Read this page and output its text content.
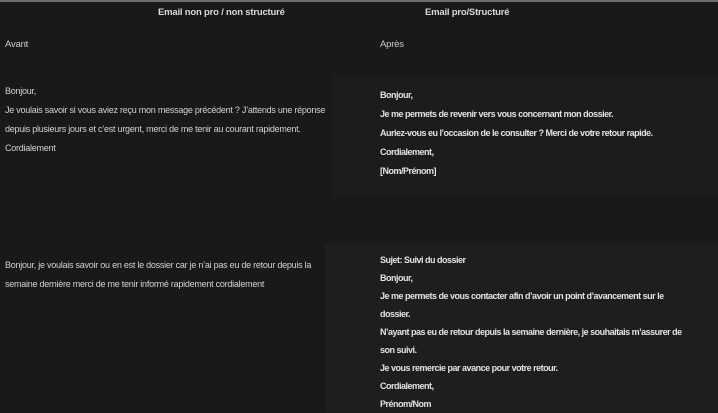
Email non pro / non structuré	Email pro/Structuré
Avant	Après
Bonjour,
Je voulais savoir si vous aviez reçu mon message précédent ? J’attends une réponse
depuis plusieurs jours et c’est urgent, merci de me tenir au courant rapidement.
Cordialement
Bonjour,
Je me permets de revenir vers vous concernant mon dossier.
Auriez-vous eu l’occasion de le consulter ? Merci de votre retour rapide.
Cordialement,
[Nom/Prénom]
Bonjour, je voulais savoir ou en est le dossier car je n’ai pas eu de retour depuis la
semaine dernière merci de me tenir informé rapidement cordialement
Sujet: Suivi du dossier
Bonjour,
Je me permets de vous contacter afin d’avoir un point d’avancement sur le
dossier.
N’ayant pas eu de retour depuis la semaine dernière, je souhaitais m’assurer de
son suivi.
Je vous remercie par avance pour votre retour.
Cordialement,
Prénom/Nom
